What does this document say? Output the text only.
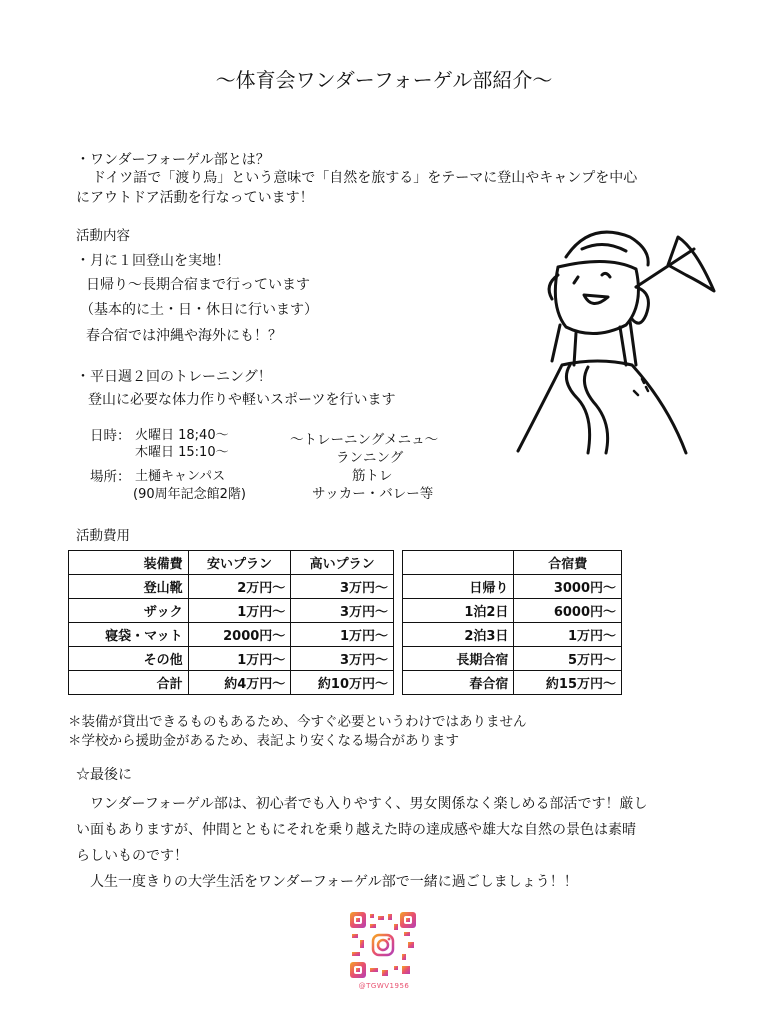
〜体育会ワンダーフォーゲル部紹介〜
・ワンダーフォーゲル部とは？
ドイツ語で「渡り鳥」という意味で「自然を旅する」をテーマに登山やキャンプを中心
にアウトドア活動を行なっています！
活動内容
・月に１回登山を実地！
日帰り〜長期合宿まで行っています
（基本的に土・日・休日に行います）
春合宿では沖縄や海外にも！？
・平日週２回のトレーニング！
登山に必要な体力作りや軽いスポーツを行います
日時： 火曜日 18;40〜
木曜日 15:10〜
場所： 土樋キャンパス
(90周年記念館2階)
〜トレーニングメニュ〜
ランニング
筋トレ
サッカー・バレー等
活動費用
装備費	安いプラン	高いプラン
登山靴	2万円〜	3万円〜
ザック	1万円〜	3万円〜
寝袋・マット	2000円〜	1万円〜
その他	1万円〜	3万円〜
合計	約4万円〜	約10万円〜
	合宿費
日帰り	3000円〜
1泊2日	6000円〜
2泊3日	1万円〜
長期合宿	5万円〜
春合宿	約15万円〜
＊装備が貸出できるものもあるため、今すぐ必要というわけではありません
＊学校から援助金があるため、表記より安くなる場合があります
☆最後に
ワンダーフォーゲル部は、初心者でも入りやすく、男女関係なく楽しめる部活です！厳し
い面もありますが、仲間とともにそれを乗り越えた時の達成感や雄大な自然の景色は素晴
らしいものです！
人生一度きりの大学生活をワンダーフォーゲル部で一緒に過ごしましょう！！
@TGWV1956
